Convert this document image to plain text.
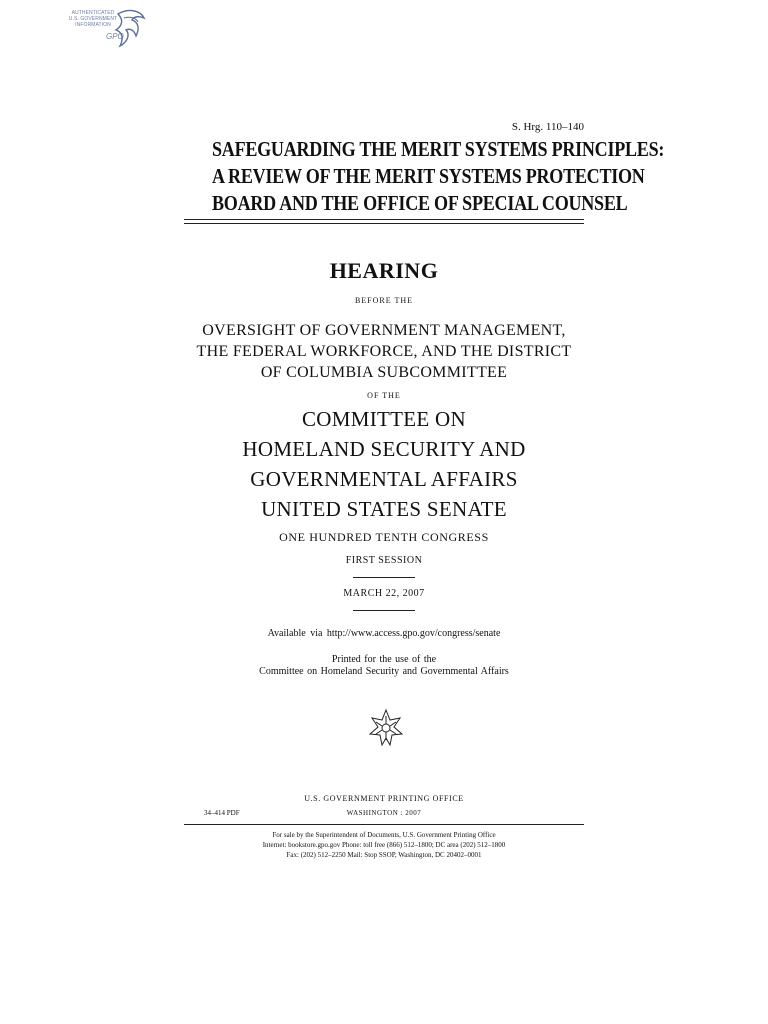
AUTHENTICATED
U.S. GOVERNMENT
INFORMATION
GPO
S. Hrg. 110–140
SAFEGUARDING THE MERIT SYSTEMS PRINCIPLES:
A REVIEW OF THE MERIT SYSTEMS PROTECTION
BOARD AND THE OFFICE OF SPECIAL COUNSEL
HEARING
BEFORE THE
OVERSIGHT OF GOVERNMENT MANAGEMENT,
THE FEDERAL WORKFORCE, AND THE DISTRICT
OF COLUMBIA SUBCOMMITTEE
OF THE
COMMITTEE ON
HOMELAND SECURITY AND
GOVERNMENTAL AFFAIRS
UNITED STATES SENATE
ONE HUNDRED TENTH CONGRESS
FIRST SESSION
MARCH 22, 2007
Available via http://www.access.gpo.gov/congress/senate
Printed for the use of the
Committee on Homeland Security and Governmental Affairs
U.S. GOVERNMENT PRINTING OFFICE
34–414 PDF	WASHINGTON : 2007
For sale by the Superintendent of Documents, U.S. Government Printing Office
Internet: bookstore.gpo.gov Phone: toll free (866) 512–1800; DC area (202) 512–1800
Fax: (202) 512–2250 Mail: Stop SSOP, Washington, DC 20402–0001
